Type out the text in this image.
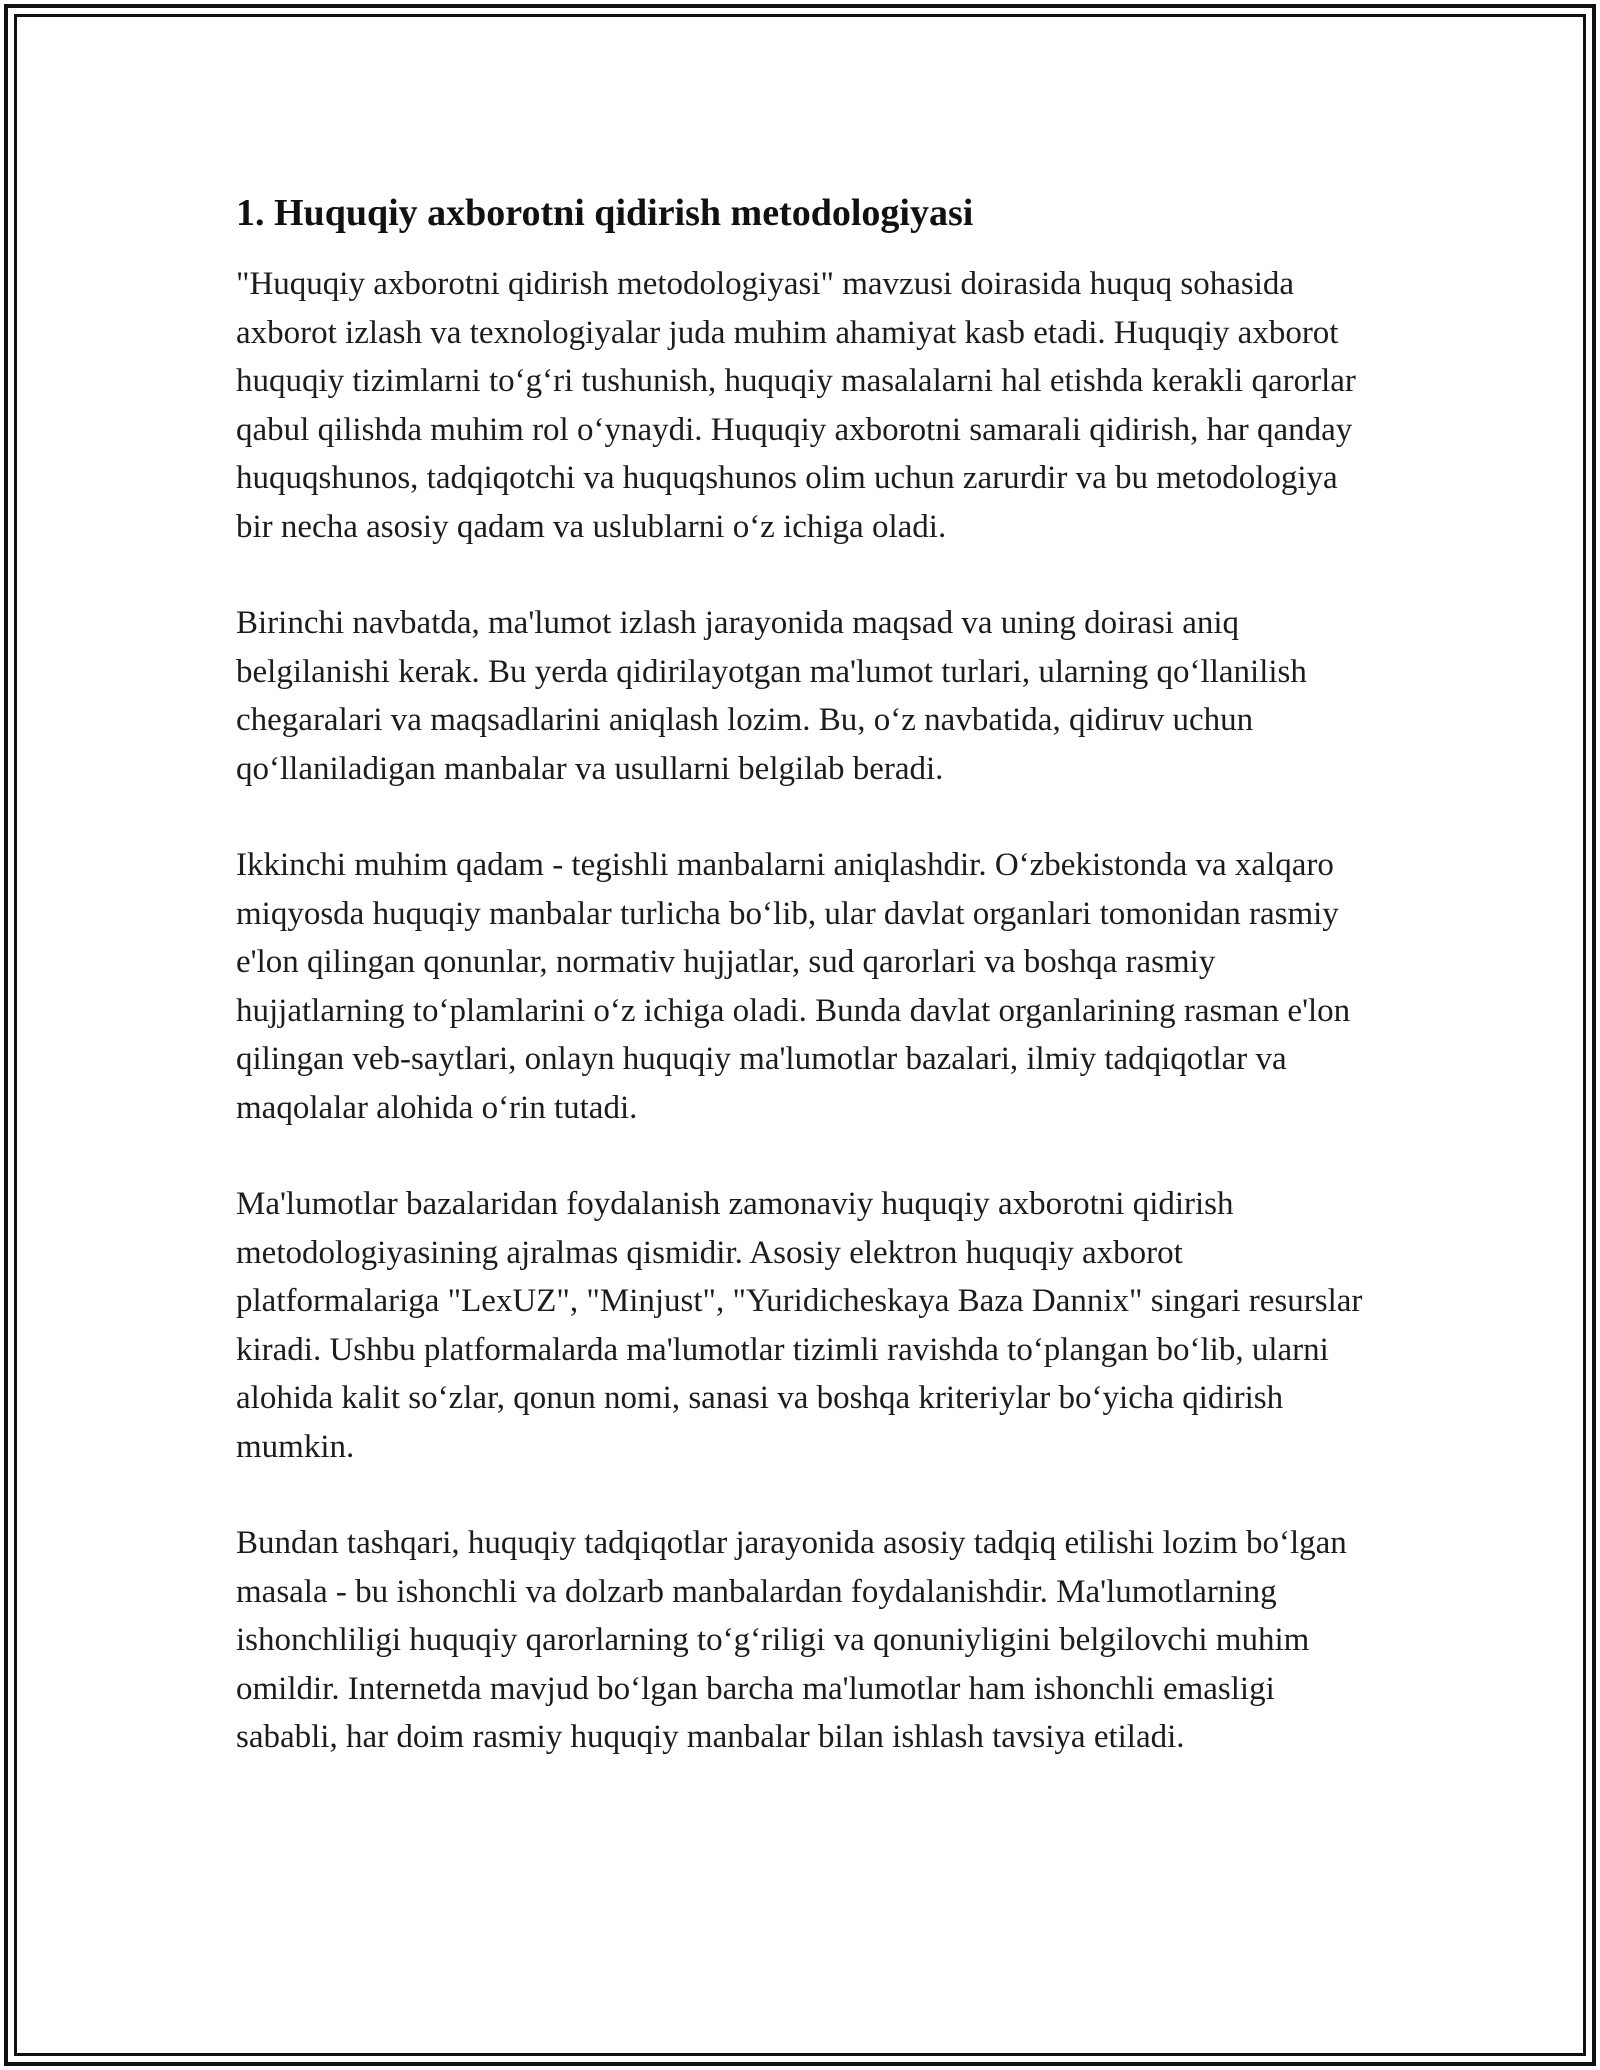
1. Huquqiy axborotni qidirish metodologiyasi

"Huquqiy axborotni qidirish metodologiyasi" mavzusi doirasida huquq sohasida axborot izlash va texnologiyalar juda muhim ahamiyat kasb etadi. Huquqiy axborot huquqiy tizimlarni to‘g‘ri tushunish, huquqiy masalalarni hal etishda kerakli qarorlar qabul qilishda muhim rol o‘ynaydi. Huquqiy axborotni samarali qidirish, har qanday huquqshunos, tadqiqotchi va huquqshunos olim uchun zarurdir va bu metodologiya bir necha asosiy qadam va uslublarni o‘z ichiga oladi.

Birinchi navbatda, ma'lumot izlash jarayonida maqsad va uning doirasi aniq belgilanishi kerak. Bu yerda qidirilayotgan ma'lumot turlari, ularning qo‘llanilish chegaralari va maqsadlarini aniqlash lozim. Bu, o‘z navbatida, qidiruv uchun qo‘llaniladigan manbalar va usullarni belgilab beradi.

Ikkinchi muhim qadam - tegishli manbalarni aniqlashdir. O‘zbekistonda va xalqaro miqyosda huquqiy manbalar turlicha bo‘lib, ular davlat organlari tomonidan rasmiy e'lon qilingan qonunlar, normativ hujjatlar, sud qarorlari va boshqa rasmiy hujjatlarning to‘plamlarini o‘z ichiga oladi. Bunda davlat organlarining rasman e'lon qilingan veb-saytlari, onlayn huquqiy ma'lumotlar bazalari, ilmiy tadqiqotlar va maqolalar alohida o‘rin tutadi.

Ma'lumotlar bazalaridan foydalanish zamonaviy huquqiy axborotni qidirish metodologiyasining ajralmas qismidir. Asosiy elektron huquqiy axborot platformalariga "LexUZ", "Minjust", "Yuridicheskaya Baza Dannix" singari resurslar kiradi. Ushbu platformalarda ma'lumotlar tizimli ravishda to‘plangan bo‘lib, ularni alohida kalit so‘zlar, qonun nomi, sanasi va boshqa kriteriylar bo‘yicha qidirish mumkin.

Bundan tashqari, huquqiy tadqiqotlar jarayonida asosiy tadqiq etilishi lozim bo‘lgan masala - bu ishonchli va dolzarb manbalardan foydalanishdir. Ma'lumotlarning ishonchliligi huquqiy qarorlarning to‘g‘riligi va qonuniyligini belgilovchi muhim omildir. Internetda mavjud bo‘lgan barcha ma'lumotlar ham ishonchli emasligi sababli, har doim rasmiy huquqiy manbalar bilan ishlash tavsiya etiladi.
